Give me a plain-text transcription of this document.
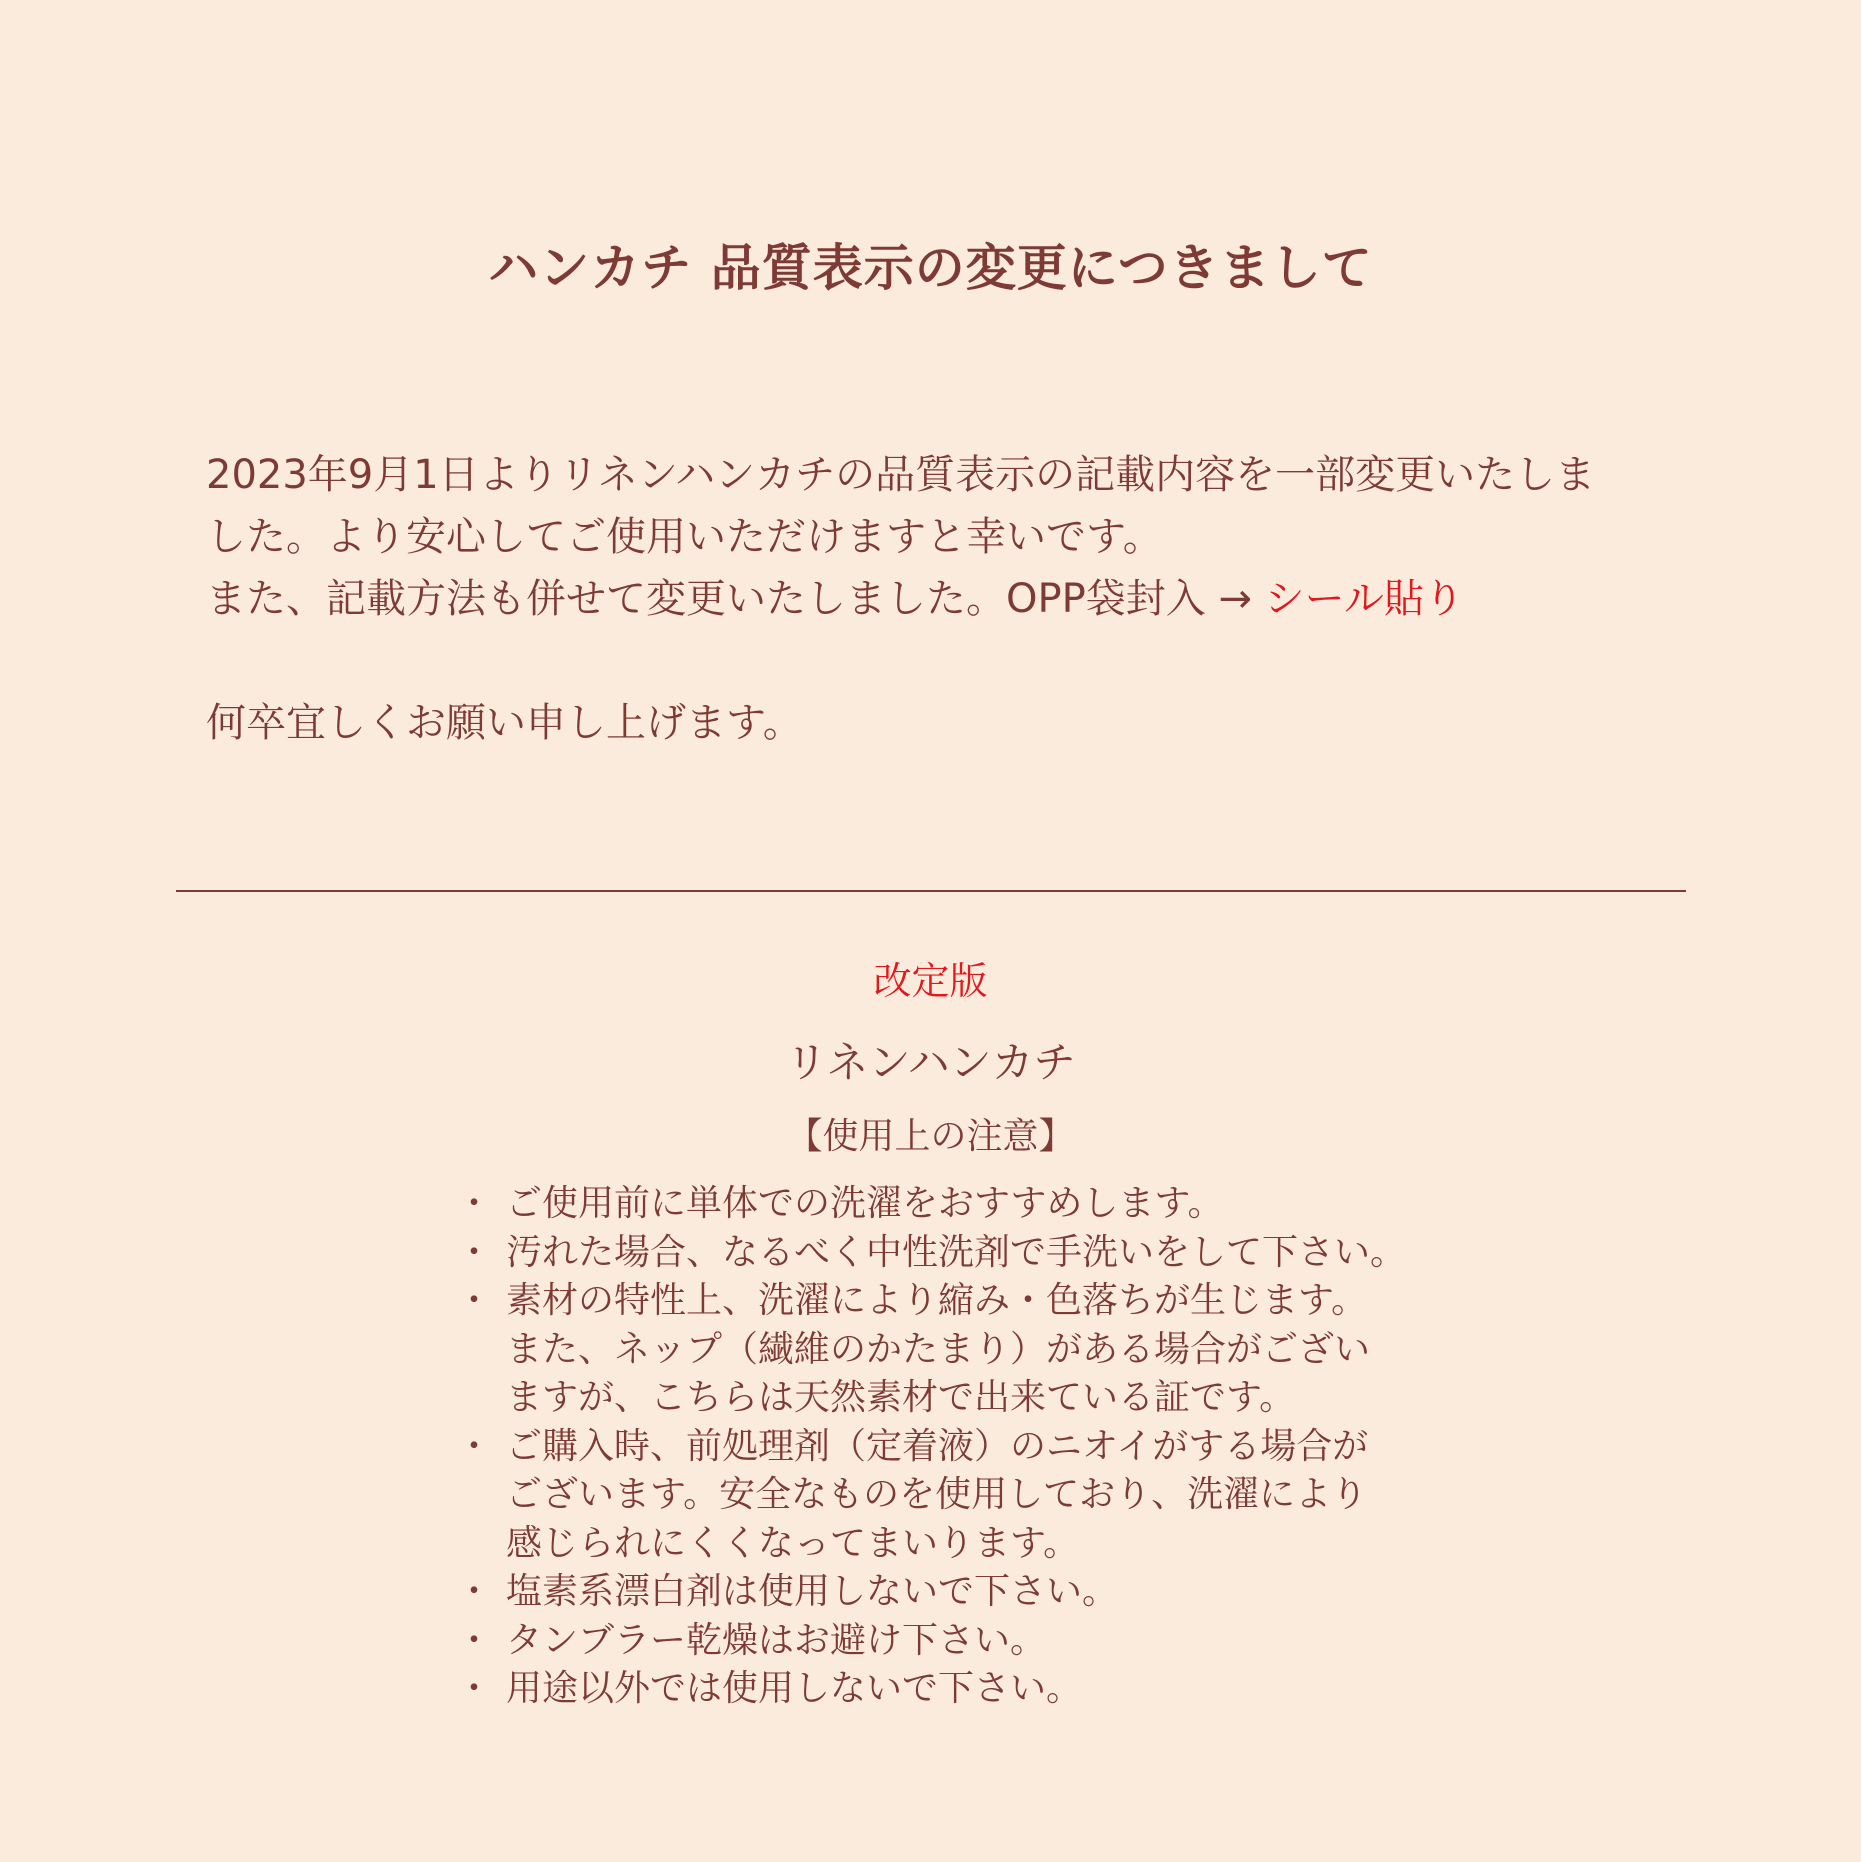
ハンカチ 品質表示の変更につきまして

2023年9月1日よりリネンハンカチの品質表示の記載内容を一部変更いたしま

した。より安心してご使用いただけますと幸いです。

また、記載方法も併せて変更いたしました。OPP袋封入 → シール貼り

何卒宜しくお願い申し上げます。

改定版
リネンハンカチ
【使用上の注意】
・ ご使用前に単体での洗濯をおすすめします。
・ 汚れた場合、なるべく中性洗剤で手洗いをして下さい。
・ 素材の特性上、洗濯により縮み・色落ちが生じます。
また、ネップ（繊維のかたまり）がある場合がござい
ますが、こちらは天然素材で出来ている証です。
・ ご購入時、前処理剤（定着液）のニオイがする場合が
ございます。安全なものを使用しており、洗濯により
感じられにくくなってまいります。
・ 塩素系漂白剤は使用しないで下さい。
・ タンブラー乾燥はお避け下さい。
・ 用途以外では使用しないで下さい。
